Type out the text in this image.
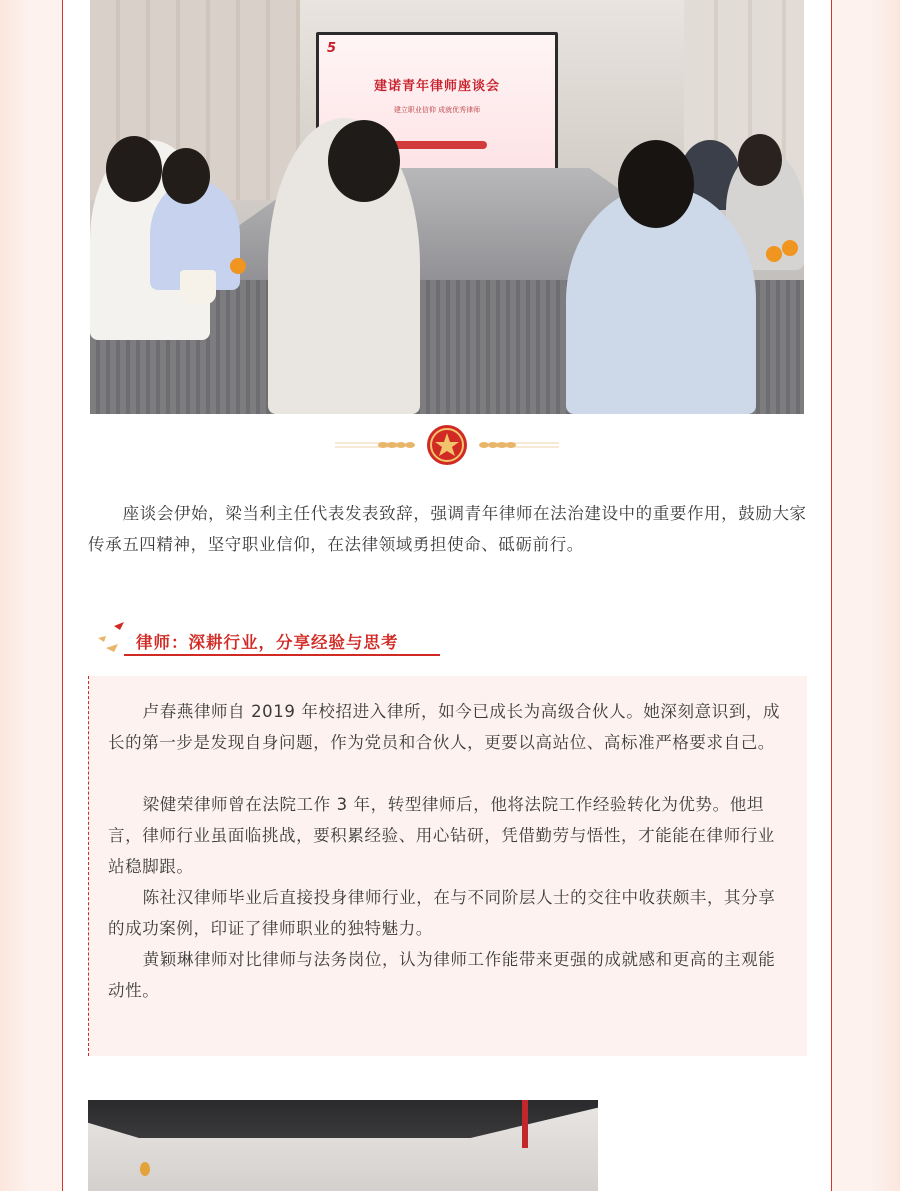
5
建诺青年律师座谈会
建立职业信仰 成就优秀律师

座谈会伊始，梁当利主任代表发表致辞，强调青年律师在法治建设中的重要作用，鼓励大家传承五四精神，坚守职业信仰，在法律领域勇担使命、砥砺前行。

律师：深耕行业，分享经验与思考

卢春燕律师自 2019 年校招进入律所，如今已成长为高级合伙人。她深刻意识到，成长的第一步是发现自身问题，作为党员和合伙人，更要以高站位、高标准严格要求自己。

梁健荣律师曾在法院工作 3 年，转型律师后，他将法院工作经验转化为优势。他坦言，律师行业虽面临挑战，要积累经验、用心钻研，凭借勤劳与悟性，才能能在律师行业站稳脚跟。

陈社汉律师毕业后直接投身律师行业，在与不同阶层人士的交往中收获颇丰，其分享的成功案例，印证了律师职业的独特魅力。

黄颖琳律师对比律师与法务岗位，认为律师工作能带来更强的成就感和更高的主观能动性。
